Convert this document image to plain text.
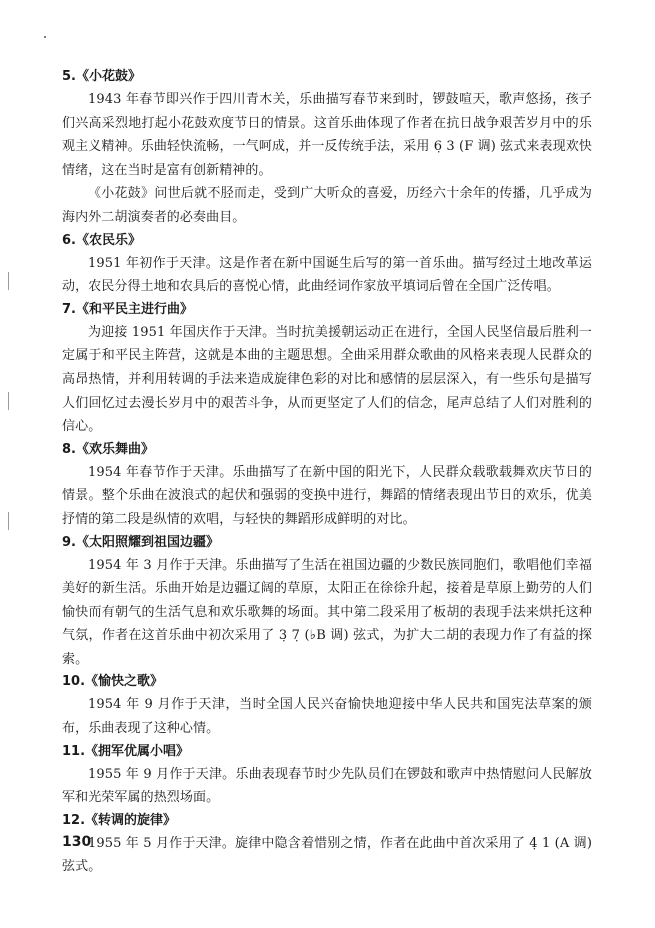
5.《小花鼓》

1943 年春节即兴作于四川青木关，乐曲描写春节来到时，锣鼓喧天，歌声悠扬，孩子们兴高采烈地打起小花鼓欢度节日的情景。这首乐曲体现了作者在抗日战争艰苦岁月中的乐观主义精神。乐曲轻快流畅，一气呵成，并一反传统手法，采用 6̣ 3 (F 调) 弦式来表现欢快情绪，这在当时是富有创新精神的。

《小花鼓》问世后就不胫而走，受到广大听众的喜爱，历经六十余年的传播，几乎成为海内外二胡演奏者的必奏曲目。

6.《农民乐》

1951 年初作于天津。这是作者在新中国诞生后写的第一首乐曲。描写经过土地改革运动，农民分得土地和农具后的喜悦心情，此曲经词作家放平填词后曾在全国广泛传唱。

7.《和平民主进行曲》

为迎接 1951 年国庆作于天津。当时抗美援朝运动正在进行，全国人民坚信最后胜利一定属于和平民主阵营，这就是本曲的主题思想。全曲采用群众歌曲的风格来表现人民群众的高昂热情，并利用转调的手法来造成旋律色彩的对比和感情的层层深入，有一些乐句是描写人们回忆过去漫长岁月中的艰苦斗争，从而更坚定了人们的信念，尾声总结了人们对胜利的信心。

8.《欢乐舞曲》

1954 年春节作于天津。乐曲描写了在新中国的阳光下，人民群众载歌载舞欢庆节日的情景。整个乐曲在波浪式的起伏和强弱的变换中进行，舞蹈的情绪表现出节日的欢乐，优美抒情的第二段是纵情的欢唱，与轻快的舞蹈形成鲜明的对比。

9.《太阳照耀到祖国边疆》

1954 年 3 月作于天津。乐曲描写了生活在祖国边疆的少数民族同胞们，歌唱他们幸福美好的新生活。乐曲开始是边疆辽阔的草原，太阳正在徐徐升起，接着是草原上勤劳的人们愉快而有朝气的生活气息和欢乐歌舞的场面。其中第二段采用了板胡的表现手法来烘托这种气氛，作者在这首乐曲中初次采用了 3̣ 7̣ (♭B 调) 弦式，为扩大二胡的表现力作了有益的探索。

10.《愉快之歌》

1954 年 9 月作于天津，当时全国人民兴奋愉快地迎接中华人民共和国宪法草案的颁布，乐曲表现了这种心情。

11.《拥军优属小唱》

1955 年 9 月作于天津。乐曲表现春节时少先队员们在锣鼓和歌声中热情慰问人民解放军和光荣军属的热烈场面。

12.《转调的旋律》

1955 年 5 月作于天津。旋律中隐含着惜别之情，作者在此曲中首次采用了 4̣ 1 (A 调) 弦式。

130
